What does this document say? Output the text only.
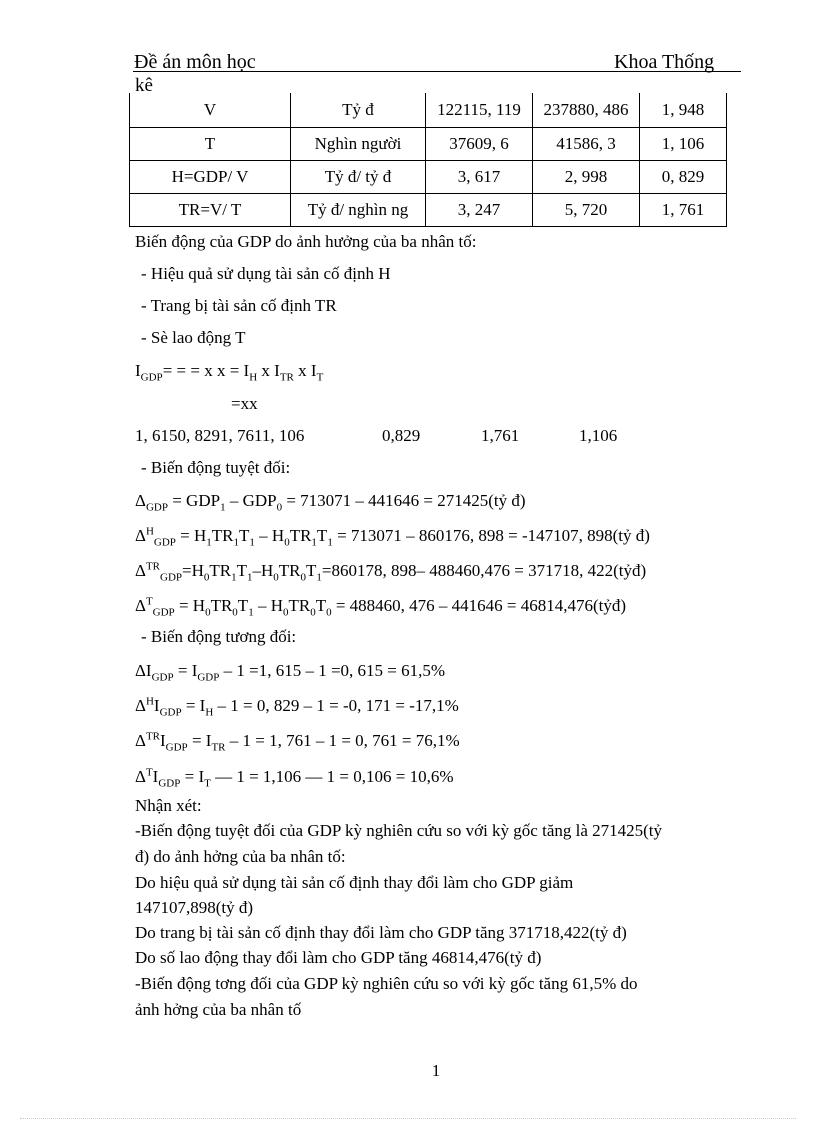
Đề án môn học	Khoa Thống
kê
V	Tỷ đ	122115, 119	237880, 486	1, 948
T	Nghìn người	37609, 6	41586, 3	1, 106
H=GDP/ V	Tỷ đ/ tỷ đ	3, 617	2, 998	0, 829
TR=V/ T	Tỷ đ/ nghìn ng	3, 247	5, 720	1, 761
Biến động của GDP do ảnh hưởng của ba nhân tố:
- Hiệu quả sử dụng tài sản cố định H
- Trang bị tài sản cố định TR
- Sè lao động T
$I_{GDP}=$ = = x $x = I_H$ x $I_{TR}$ x $I_T$
=xx
1, 6150, 8291, 7611, 106	0,829	1,761	1,106
- Biến động tuyệt đối:
$\Delta_{GDP} = GDP_1 - GDP_0 = 713071 - 441646$ = 271425(tỷ đ)
$\Delta^H_{GDP} = H_1TR_1T_1 - H_0TR_1T_1 = 713071 - 860176$, 898 = -147107, 898(tỷ đ)
$\Delta^{TR}_{GDP}=H_0TR_1T_1-H_0TR_0T_1=860178$, 898– 488460,476 = 371718, 422(tỷđ)
$\Delta^T_{GDP} = H_0TR_0T_1 - H_0TR_0T_0 = 488460$, 476 – 441646 = 46814,476(tỷđ)
- Biến động tương đối:
$\Delta I_{GDP} = I_{GDP} - 1 =1$, 615 – 1 =0, 615 = 61,5%
$\Delta^HI_{GDP} = I_H - 1 = 0$, 829 – 1 = -0, 171 = -17,1%
$\Delta^{TR}I_{GDP} = I_{TR} - 1 = 1$, 761 – 1 = 0, 761 = 76,1%
$\Delta^TI_{GDP} = I_T$ — 1 = 1,106 — 1 = 0,106 = 10,6%
Nhận xét:
-Biến động tuyệt đối của GDP kỳ nghiên cứu so với kỳ gốc tăng là 271425(tỷ
đ) do ảnh hởng của ba nhân tố:
Do hiệu quả sử dụng tài sản cố định thay đổi làm cho GDP giảm
147107,898(tỷ đ)
Do trang bị tài sản cố định thay đổi làm cho GDP tăng 371718,422(tỷ đ)
Do số lao động thay đổi làm cho GDP tăng 46814,476(tỷ đ)
-Biến động tơng đối của GDP kỳ nghiên cứu so với kỳ gốc tăng 61,5% do
ảnh hởng của ba nhân tố
1
